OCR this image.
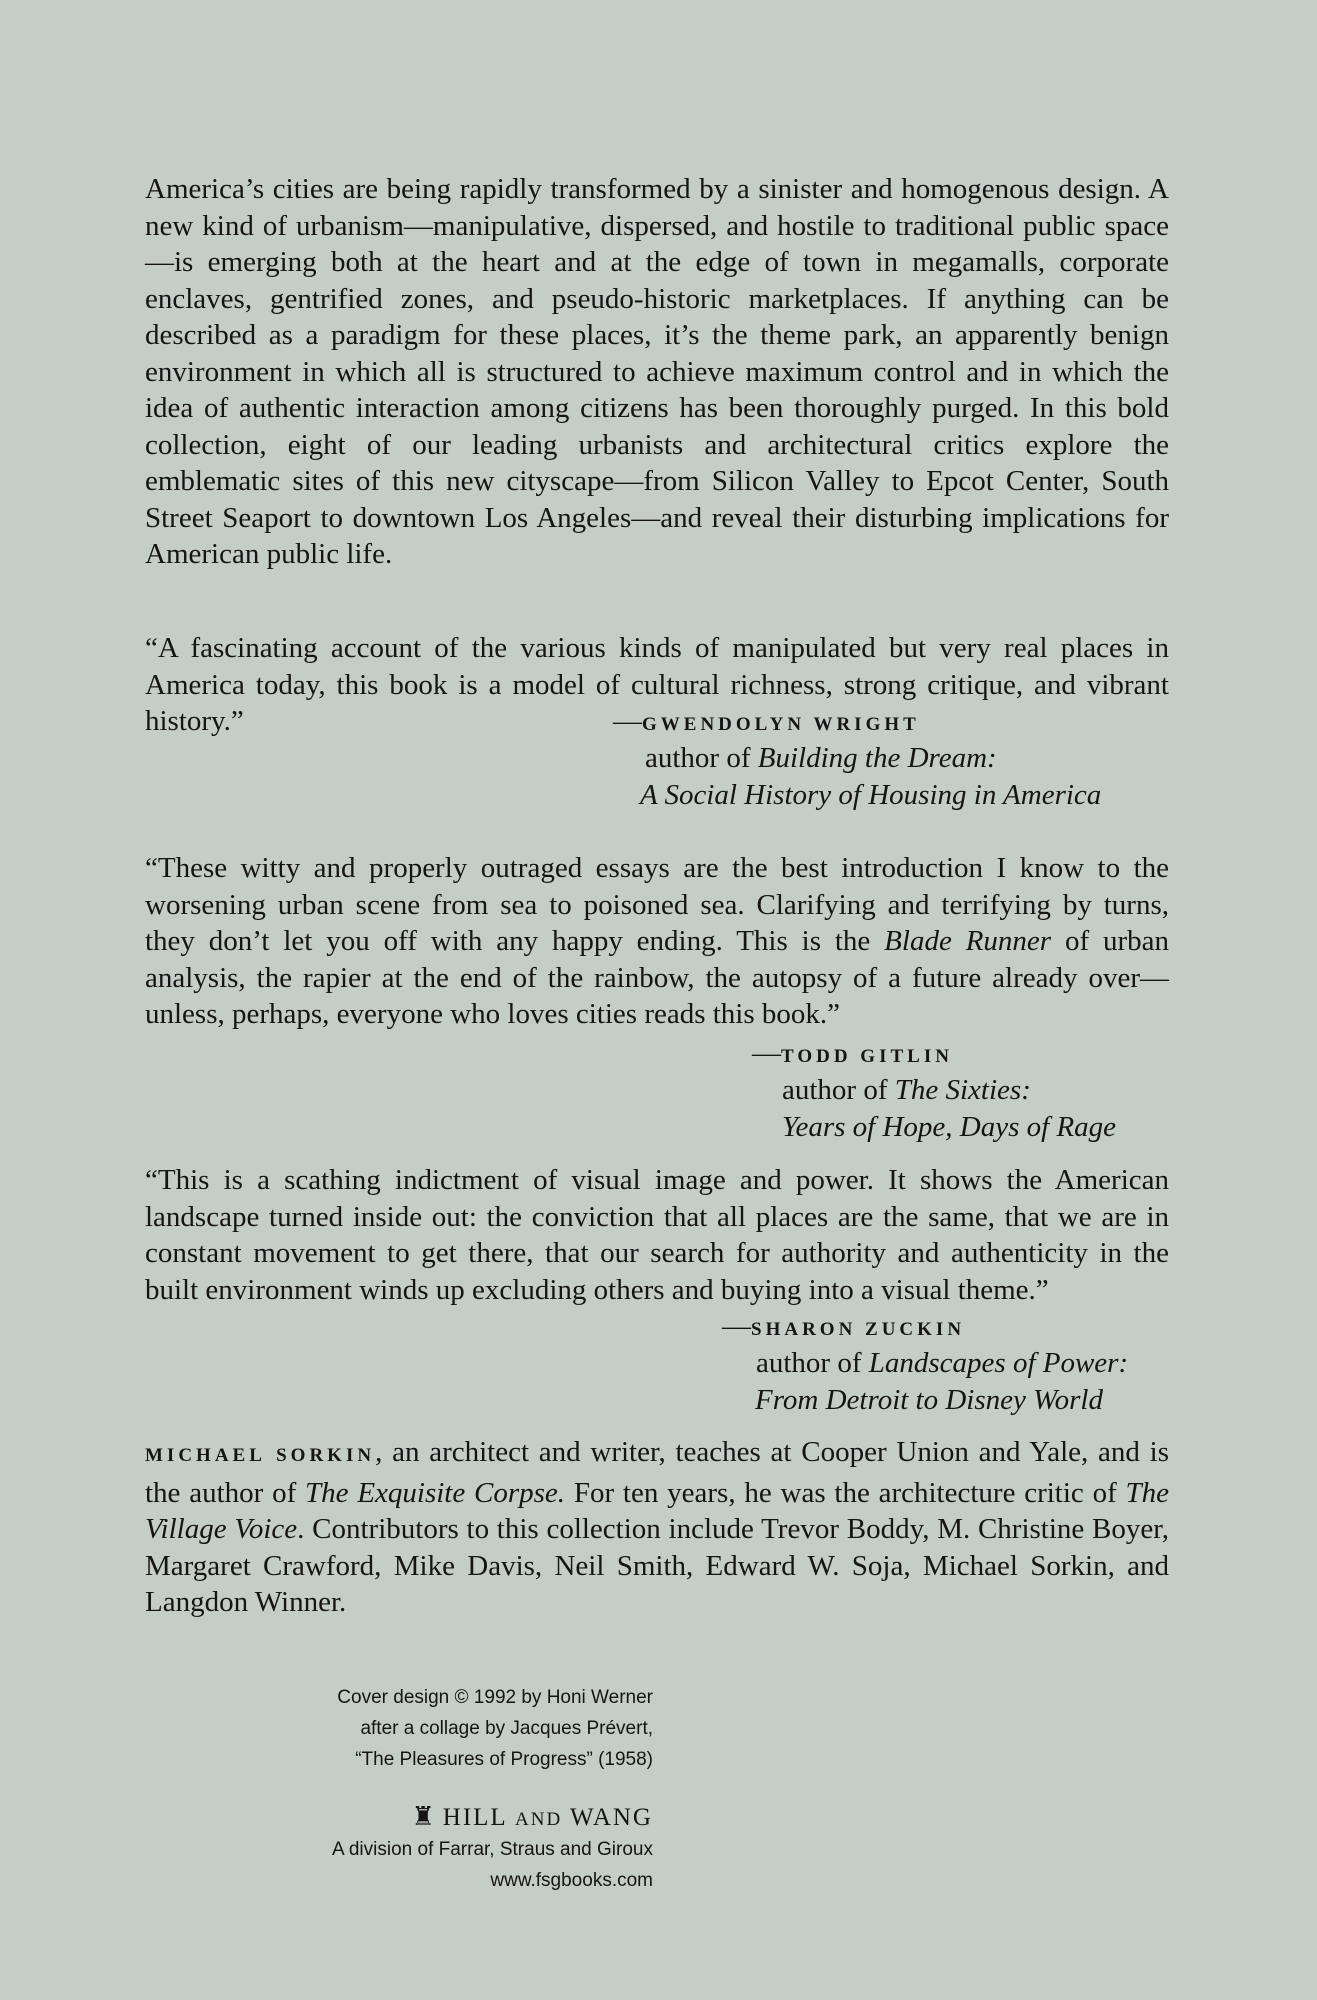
America’s cities are being rapidly transformed by a sinister and homogenous design. A new kind of urbanism—manipulative, dispersed, and hostile to traditional public space—is emerging both at the heart and at the edge of town in megamalls, corporate enclaves, gentrified zones, and pseudo-historic marketplaces. If anything can be described as a paradigm for these places, it’s the theme park, an apparently benign environment in which all is structured to achieve maximum control and in which the idea of authentic interaction among citizens has been thoroughly purged. In this bold collection, eight of our leading urbanists and architectural critics explore the emblematic sites of this new cityscape—from Silicon Valley to Epcot Center, South Street Seaport to downtown Los Angeles—and reveal their disturbing implications for American public life.

“A fascinating account of the various kinds of manipulated but very real places in America today, this book is a model of cultural richness, strong critique, and vibrant history.”	—GWENDOLYN WRIGHT
author of Building the Dream:
A Social History of Housing in America

“These witty and properly outraged essays are the best introduction I know to the worsening urban scene from sea to poisoned sea. Clarifying and terrifying by turns, they don’t let you off with any happy ending. This is the Blade Runner of urban analysis, the rapier at the end of the rainbow, the autopsy of a future already over—unless, perhaps, everyone who loves cities reads this book.”

—TODD GITLIN
author of The Sixties:
Years of Hope, Days of Rage

“This is a scathing indictment of visual image and power. It shows the American landscape turned inside out: the conviction that all places are the same, that we are in constant movement to get there, that our search for authority and authenticity in the built environment winds up excluding others and buying into a visual theme.”

—SHARON ZUCKIN
author of Landscapes of Power:
From Detroit to Disney World

MICHAEL SORKIN, an architect and writer, teaches at Cooper Union and Yale, and is the author of The Exquisite Corpse. For ten years, he was the architecture critic of The Village Voice. Contributors to this collection include Trevor Boddy, M. Christine Boyer, Margaret Crawford, Mike Davis, Neil Smith, Edward W. Soja, Michael Sorkin, and Langdon Winner.

Cover design © 1992 by Honi Werner
after a collage by Jacques Prévert,
“The Pleasures of Progress” (1958)
♜ HILL AND WANG
A division of Farrar, Straus and Giroux
www.fsgbooks.com
